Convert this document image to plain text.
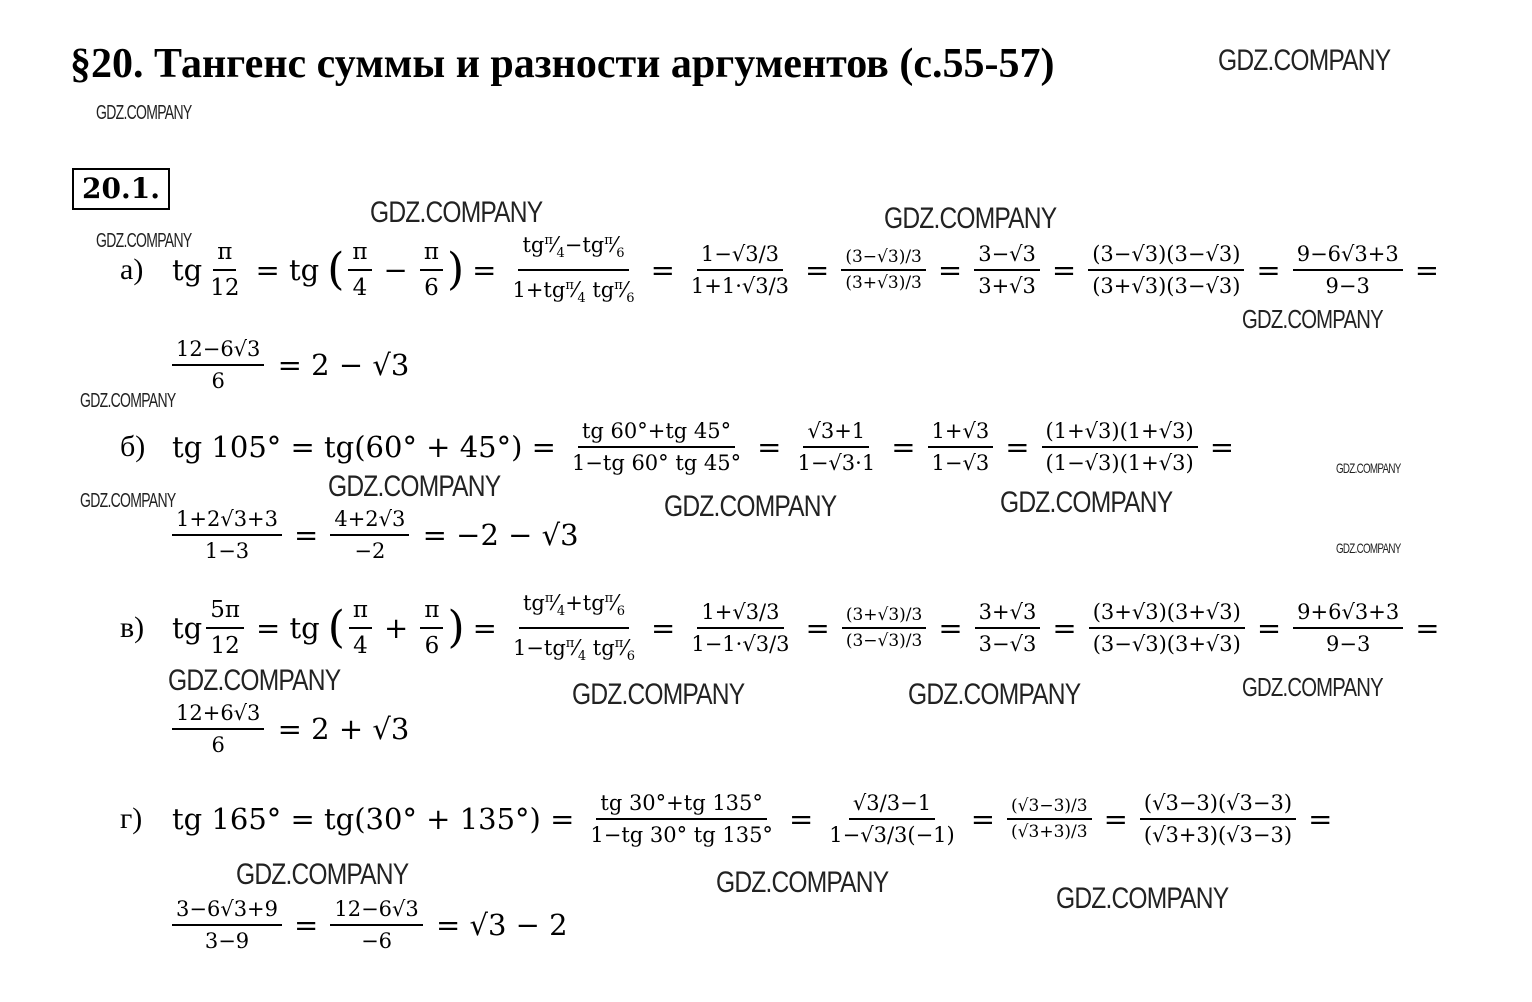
§20. Тангенс суммы и разности аргументов (с.55-57)	GDZ.COMPANY
GDZ.COMPANY
GDZ.COMPANY	GDZ.COMPANY
GDZ.COMPANY
GDZ.COMPANY
GDZ.COMPANY
GDZ.COMPANY
GDZ.COMPANY
GDZ.COMPANY	GDZ.COMPANY	GDZ.COMPANY
GDZ.COMPANY
GDZ.COMPANY	GDZ.COMPANY	GDZ.COMPANY	GDZ.COMPANY
GDZ.COMPANY	GDZ.COMPANY	GDZ.COMPANY
20.1.
а) tg $\frac{\pi}{12}$ = tg ( $\frac{\pi}{4} - \frac{\pi}{6}$ ) = $\frac{tg^\pi⁄_4-tg^\pi⁄_6}{1+tg^\pi⁄_4 tg^\pi⁄_6} = \frac{1-√3/3}{1+1\cdot√3/3} = \frac{(3-√3)/3}{(3+√3)/3} = \frac{3-√3}{3+√3} = \frac{(3-√3)(3-√3)}{(3+√3)(3-√3)} = \frac{9-6√3+3}{9-3}$ =
$\frac{12-6√3}{6} = 2 - √3$
б) tg $105^\circ = tg(60^\circ + 45^\circ) = \frac{tg 60^\circ+tg 45^\circ}{1-tg 60^\circ tg 45^\circ} = \frac{√3+1}{1-√3\cdot 1} = \frac{1+√3}{1-√3} = \frac{(1+√3)(1+√3)}{(1-√3)(1+√3)}$ =
$\frac{1+2√3+3}{1-3} = \frac{4+2√3}{-2} = -2 - √3$
в) tg $\frac{5\pi}{12}$ = tg ( $\frac{\pi}{4} + \frac{\pi}{6}$ ) = $\frac{tg^\pi⁄_4+tg^\pi⁄_6}{1-tg^\pi⁄_4 tg^\pi⁄_6} = \frac{1+√3/3}{1-1\cdot√3/3} = \frac{(3+√3)/3}{(3-√3)/3} = \frac{3+√3}{3-√3} = \frac{(3+√3)(3+√3)}{(3-√3)(3+√3)} = \frac{9+6√3+3}{9-3}$ =
$\frac{12+6√3}{6} = 2 + √3$
г)	tg $165^\circ = tg(30^\circ + 135^\circ) = \frac{tg 30^\circ+tg 135^\circ}{1-tg 30^\circ tg 135^\circ} = \frac{√3/3-1}{1-√3/3(-1)} = \frac{(√3-3)/3}{(√3+3)/3} = \frac{(√3-3)(√3-3)}{(√3+3)(√3-3)}$ =
$\frac{3-6√3+9}{3-9} = \frac{12-6√3}{-6} = √3 - 2$
